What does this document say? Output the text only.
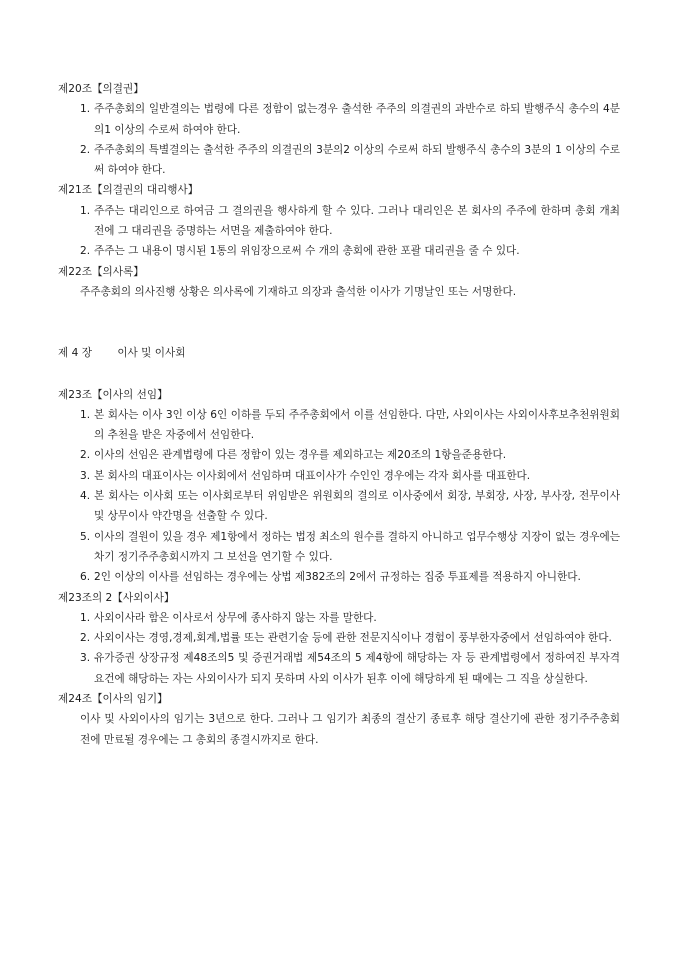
제20조【의결권】
1. 주주총회의 일반결의는 법령에 다른 정함이 없는경우 출석한 주주의 의결권의 과반수로 하되 발행주식 총수의 4분의1 이상의 수로써 하여야 한다.
2. 주주총회의 특별결의는 출석한 주주의 의결권의 3분의2 이상의 수로써 하되 발행주식 총수의 3분의 1 이상의 수로써 하여야 한다.
제21조【의결권의 대리행사】
1. 주주는 대리인으로 하여금 그 결의권을 행사하게 할 수 있다. 그러나 대리인은 본 회사의 주주에 한하며 총회 개최전에 그 대리권을 증명하는 서면을 제출하여야 한다.
2. 주주는 그 내용이 명시된 1통의 위임장으로써 수 개의 총회에 관한 포괄 대리권을 줄 수 있다.
제22조【의사록】
주주총회의 의사진행 상황은 의사록에 기재하고 의장과 출석한 이사가 기명날인 또는 서명한다.
제 4 장 이사 및 이사회
제23조【이사의 선임】
1. 본 회사는 이사 3인 이상 6인 이하를 두되 주주총회에서 이를 선임한다. 다만, 사외이사는 사외이사후보추천위원회의 추천을 받은 자중에서 선임한다.
2. 이사의 선임은 관계법령에 다른 정함이 있는 경우를 제외하고는 제20조의 1항을준용한다.
3. 본 회사의 대표이사는 이사회에서 선임하며 대표이사가 수인인 경우에는 각자 회사를 대표한다.
4. 본 회사는 이사회 또는 이사회로부터 위임받은 위원회의 결의로 이사중에서 회장, 부회장, 사장, 부사장, 전무이사 및 상무이사 약간명을 선출할 수 있다.
5. 이사의 결원이 있을 경우 제1항에서 정하는 법정 최소의 원수를 결하지 아니하고 업무수행상 지장이 없는 경우에는 차기 정기주주총회시까지 그 보선을 연기할 수 있다.
6. 2인 이상의 이사를 선임하는 경우에는 상법 제382조의 2에서 규정하는 집중 투표제를 적용하지 아니한다.
제23조의 2【사외이사】
1. 사외이사라 함은 이사로서 상무에 종사하지 않는 자를 말한다.
2. 사외이사는 경영,경제,회계,법률 또는 관련기술 등에 관한 전문지식이나 경험이 풍부한자중에서 선임하여야 한다.
3. 유가증권 상장규정 제48조의5 및 증권거래법 제54조의 5 제4항에 해당하는 자 등 관계법령에서 정하여진 부자격요건에 해당하는 자는 사외이사가 되지 못하며 사외 이사가 된후 이에 해당하게 된 때에는 그 직을 상실한다.
제24조【이사의 임기】
이사 및 사외이사의 임기는 3년으로 한다. 그러나 그 임기가 최종의 결산기 종료후 해당 결산기에 관한 정기주주총회 전에 만료될 경우에는 그 총회의 종결시까지로 한다.
